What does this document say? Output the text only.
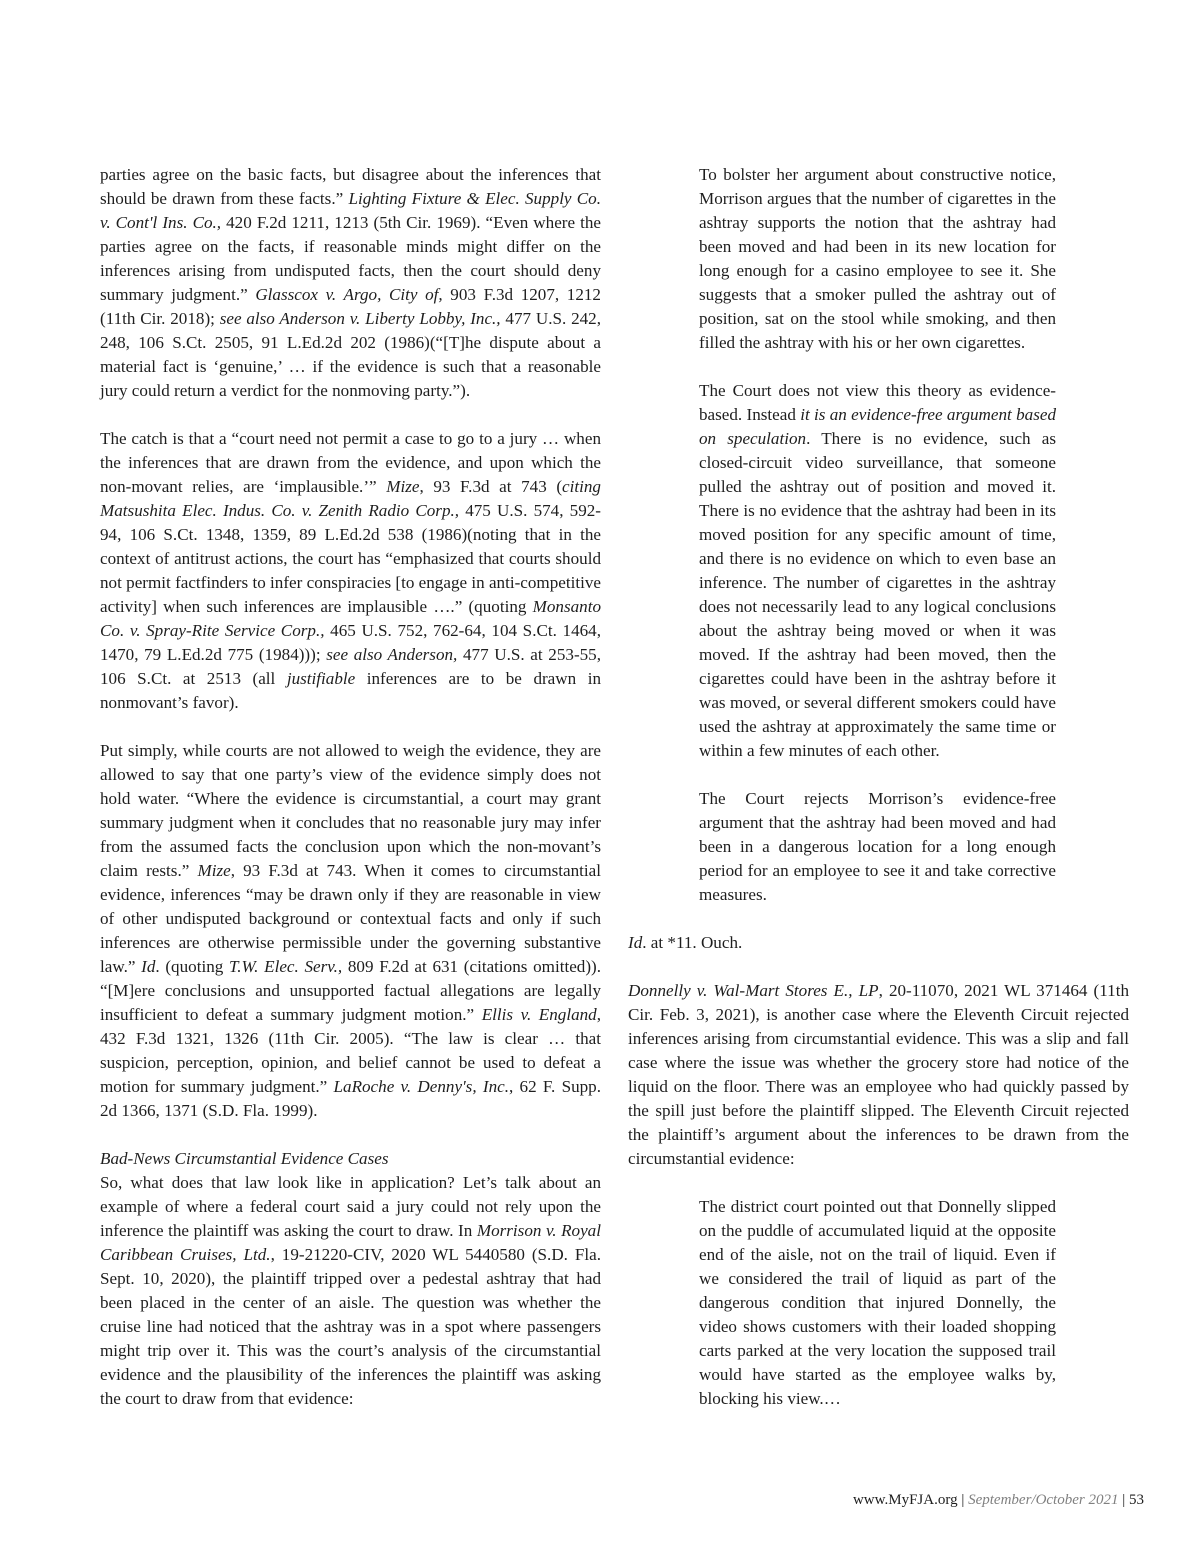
parties agree on the basic facts, but disagree about the inferences that should be drawn from these facts.” Lighting Fixture & Elec. Supply Co. v. Cont'l Ins. Co., 420 F.2d 1211, 1213 (5th Cir. 1969). “Even where the parties agree on the facts, if reasonable minds might differ on the inferences arising from undisputed facts, then the court should deny summary judgment.” Glasscox v. Argo, City of, 903 F.3d 1207, 1212 (11th Cir. 2018); see also Anderson v. Liberty Lobby, Inc., 477 U.S. 242, 248, 106 S.Ct. 2505, 91 L.Ed.2d 202 (1986)(“[T]he dispute about a material fact is ‘genuine,’ … if the evidence is such that a reasonable jury could return a verdict for the nonmoving party.”).

The catch is that a “court need not permit a case to go to a jury … when the inferences that are drawn from the evidence, and upon which the non-movant relies, are ‘implausible.’” Mize, 93 F.3d at 743 (citing Matsushita Elec. Indus. Co. v. Zenith Radio Corp., 475 U.S. 574, 592-94, 106 S.Ct. 1348, 1359, 89 L.Ed.2d 538 (1986)(noting that in the context of antitrust actions, the court has “emphasized that courts should not permit factfinders to infer conspiracies [to engage in anti-competitive activity] when such inferences are implausible ….” (quoting Monsanto Co. v. Spray-Rite Service Corp., 465 U.S. 752, 762-64, 104 S.Ct. 1464, 1470, 79 L.Ed.2d 775 (1984))); see also Anderson, 477 U.S. at 253-55, 106 S.Ct. at 2513 (all justifiable inferences are to be drawn in nonmovant’s favor).

Put simply, while courts are not allowed to weigh the evidence, they are allowed to say that one party’s view of the evidence simply does not hold water. “Where the evidence is circumstantial, a court may grant summary judgment when it concludes that no reasonable jury may infer from the assumed facts the conclusion upon which the non-movant’s claim rests.” Mize, 93 F.3d at 743. When it comes to circumstantial evidence, inferences “may be drawn only if they are reasonable in view of other undisputed background or contextual facts and only if such inferences are otherwise permissible under the governing substantive law.” Id. (quoting T.W. Elec. Serv., 809 F.2d at 631 (citations omitted)). “[M]ere conclusions and unsupported factual allegations are legally insufficient to defeat a summary judgment motion.” Ellis v. England, 432 F.3d 1321, 1326 (11th Cir. 2005). “The law is clear … that suspicion, perception, opinion, and belief cannot be used to defeat a motion for summary judgment.” LaRoche v. Denny's, Inc., 62 F. Supp. 2d 1366, 1371 (S.D. Fla. 1999).

Bad-News Circumstantial Evidence Cases

So, what does that law look like in application? Let’s talk about an example of where a federal court said a jury could not rely upon the inference the plaintiff was asking the court to draw. In Morrison v. Royal Caribbean Cruises, Ltd., 19-21220-CIV, 2020 WL 5440580 (S.D. Fla. Sept. 10, 2020), the plaintiff tripped over a pedestal ashtray that had been placed in the center of an aisle. The question was whether the cruise line had noticed that the ashtray was in a spot where passengers might trip over it. This was the court’s analysis of the circumstantial evidence and the plausibility of the inferences the plaintiff was asking the court to draw from that evidence:

To bolster her argument about constructive notice, Morrison argues that the number of cigarettes in the ashtray supports the notion that the ashtray had been moved and had been in its new location for long enough for a casino employee to see it. She suggests that a smoker pulled the ashtray out of position, sat on the stool while smoking, and then filled the ashtray with his or her own cigarettes.

The Court does not view this theory as evidence-based. Instead it is an evidence-free argument based on speculation. There is no evidence, such as closed-circuit video surveillance, that someone pulled the ashtray out of position and moved it. There is no evidence that the ashtray had been in its moved position for any specific amount of time, and there is no evidence on which to even base an inference. The number of cigarettes in the ashtray does not necessarily lead to any logical conclusions about the ashtray being moved or when it was moved. If the ashtray had been moved, then the cigarettes could have been in the ashtray before it was moved, or several different smokers could have used the ashtray at approximately the same time or within a few minutes of each other.

The Court rejects Morrison’s evidence-free argument that the ashtray had been moved and had been in a dangerous location for a long enough period for an employee to see it and take corrective measures.

Id. at *11. Ouch.

Donnelly v. Wal-Mart Stores E., LP, 20-11070, 2021 WL 371464 (11th Cir. Feb. 3, 2021), is another case where the Eleventh Circuit rejected inferences arising from circumstantial evidence. This was a slip and fall case where the issue was whether the grocery store had notice of the liquid on the floor. There was an employee who had quickly passed by the spill just before the plaintiff slipped. The Eleventh Circuit rejected the plaintiff’s argument about the inferences to be drawn from the circumstantial evidence:

The district court pointed out that Donnelly slipped on the puddle of accumulated liquid at the opposite end of the aisle, not on the trail of liquid. Even if we considered the trail of liquid as part of the dangerous condition that injured Donnelly, the video shows customers with their loaded shopping carts parked at the very location the supposed trail would have started as the employee walks by, blocking his view.…

www.MyFJA.org | September/October 2021 | 53
